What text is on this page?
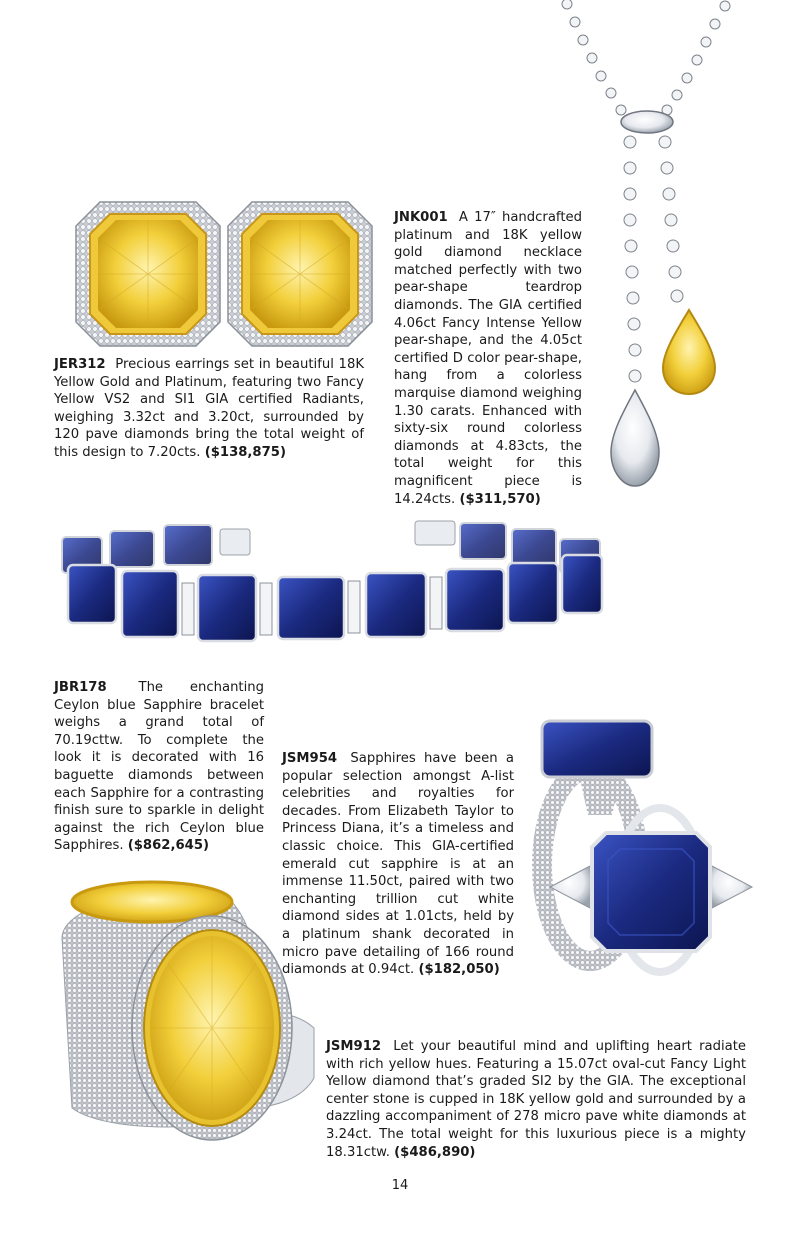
JER312 Precious earrings set in beautiful 18K Yellow Gold and Platinum, featuring two Fancy Yellow VS2 and SI1 GIA certified Radiants, weighing 3.32ct and 3.20ct, surrounded by 120 pave diamonds bring the total weight of this design to 7.20cts. ($138,875)
JNK001 A 17″ handcrafted platinum and 18K yellow gold diamond necklace matched perfectly with two pear-shape teardrop diamonds. The GIA certified 4.06ct Fancy Intense Yellow pear-shape, and the 4.05ct certified D color pear-shape, hang from a colorless marquise diamond weighing 1.30 carats. Enhanced with sixty-six round colorless diamonds at 4.83cts, the total weight for this magnificent piece is 14.24cts. ($311,570)
JBR178 The enchanting Ceylon blue Sapphire bracelet weighs a grand total of 70.19cttw. To complete the look it is decorated with 16 baguette diamonds between each Sapphire for a contrasting finish sure to sparkle in delight against the rich Ceylon blue Sapphires. ($862,645)
JSM954 Sapphires have been a popular selection amongst A-list celebrities and royalties for decades. From Elizabeth Taylor to Princess Diana, it’s a timeless and classic choice. This GIA-certified emerald cut sapphire is at an immense 11.50ct, paired with two enchanting trillion cut white diamond sides at 1.01cts, held by a platinum shank decorated in micro pave detailing of 166 round diamonds at 0.94ct. ($182,050)
JSM912 Let your beautiful mind and uplifting heart radiate with rich yellow hues. Featuring a 15.07ct oval-cut Fancy Light Yellow diamond that’s graded SI2 by the GIA. The exceptional center stone is cupped in 18K yellow gold and surrounded by a dazzling accompaniment of 278 micro pave white diamonds at 3.24ct. The total weight for this luxurious piece is a mighty 18.31ctw. ($486,890)
14
